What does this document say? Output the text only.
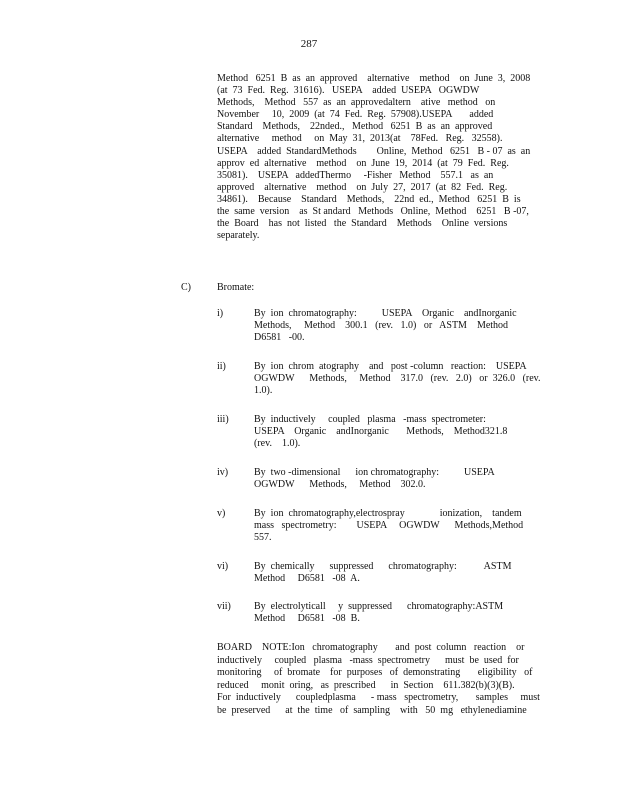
287
Method   6251  B  as  an  approved    alternative    method    on  June  3,  2008
(at  73  Fed.  Reg.  31616).   USEPA    added  USEPA   OGWDW
Methods,    Method   557  as  an  approvedaltern    ative   method   on
November     10,  2009  (at  74  Fed.  Reg.  57908).USEPA       added
Standard    Methods,    22nded.,   Method   6251  B  as  an  approved
alternative     method     on  May  31,  2013(at    78Fed.   Reg.   32558).
USEPA    added  StandardMethods        Online,  Method   6251   B - 07  as  an
approv  ed  alternative    method    on  June  19,  2014  (at  79  Fed.  Reg.
35081).    USEPA   addedThermo     -Fisher   Method    557.1   as  an
approved    alternative    method    on  July  27,  2017  (at  82  Fed.  Reg.
34861).    Because    Standard    Methods,    22nd  ed.,  Method   6251  B  is
the  same  version    as  St andard   Methods   Online,  Method    6251   B -07,
the  Board    has  not  listed   the  Standard    Methods    Online  versions
separately.
C)	Bromate:
i)	By  ion  chromatography:          USEPA    Organic    andInorganic
Methods,     Method    300.1   (rev.   1.0)   or   ASTM    Method
D6581   -00.
ii)	By  ion  chrom  atography    and   post -column   reaction:    USEPA
OGWDW      Methods,     Method    317.0   (rev.   2.0)   or  326.0   (rev.
1.0).
iii)	By  inductively     coupled   plasma   -mass  spectrometer:
USEPA    Organic    andInorganic       Methods,    Method321.8
(rev.    1.0).
iv)	By  two -dimensional      ion chromatography:          USEPA
OGWDW      Methods,     Method    302.0.
v)	By  ion  chromatography,electrospray              ionization,    tandem
mass   spectrometry:        USEPA     OGWDW      Methods,Method
557.
vi)	By  chemically      suppressed      chromatography:           ASTM
Method     D6581   -08  A.
vii) By  electrolyticall     y  suppressed      chromatography:ASTM
Method     D6581   -08  B.
BOARD    NOTE:Ion   chromatography       and  post  column   reaction    or
inductively     coupled   plasma   -mass  spectrometry      must  be  used  for
monitoring     of  bromate    for  purposes   of  demonstrating       eligibility   of
reduced     monit  oring,   as  prescribed      in  Section    611.382(b)(3)(B).
For  inductively      coupledplasma      - mass   spectrometry,       samples     must
be  preserved      at  the  time   of  sampling    with   50  mg   ethylenediamine
